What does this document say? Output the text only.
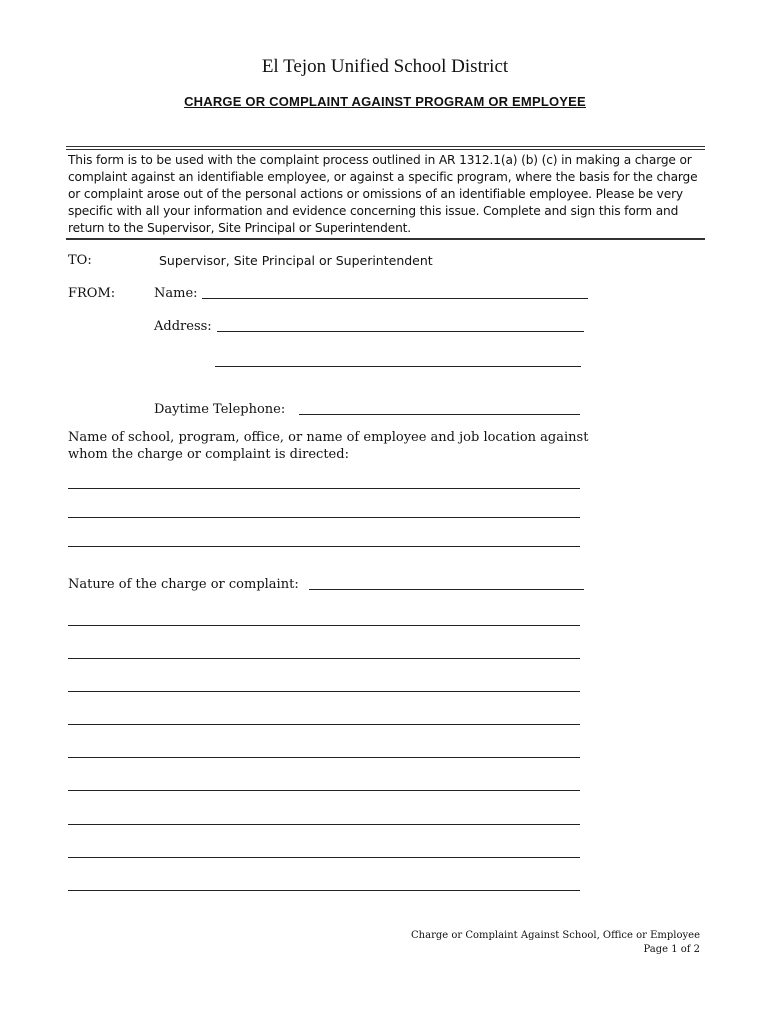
El Tejon Unified School District
CHARGE OR COMPLAINT AGAINST PROGRAM OR EMPLOYEE
This form is to be used with the complaint process outlined in AR 1312.1(a) (b) (c) in making a charge or complaint against an identifiable employee, or against a specific program, where the basis for the charge or complaint arose out of the personal actions or omissions of an identifiable employee. Please be very specific with all your information and evidence concerning this issue. Complete and sign this form and return to the Supervisor, Site Principal or Superintendent.
TO:	Supervisor, Site Principal or Superintendent
FROM:	Name:
Address:
Daytime Telephone:
Name of school, program, office, or name of employee and job location against whom the charge or complaint is directed:
Nature of the charge or complaint:
Charge or Complaint Against School, Office or Employee
Page 1 of 2
